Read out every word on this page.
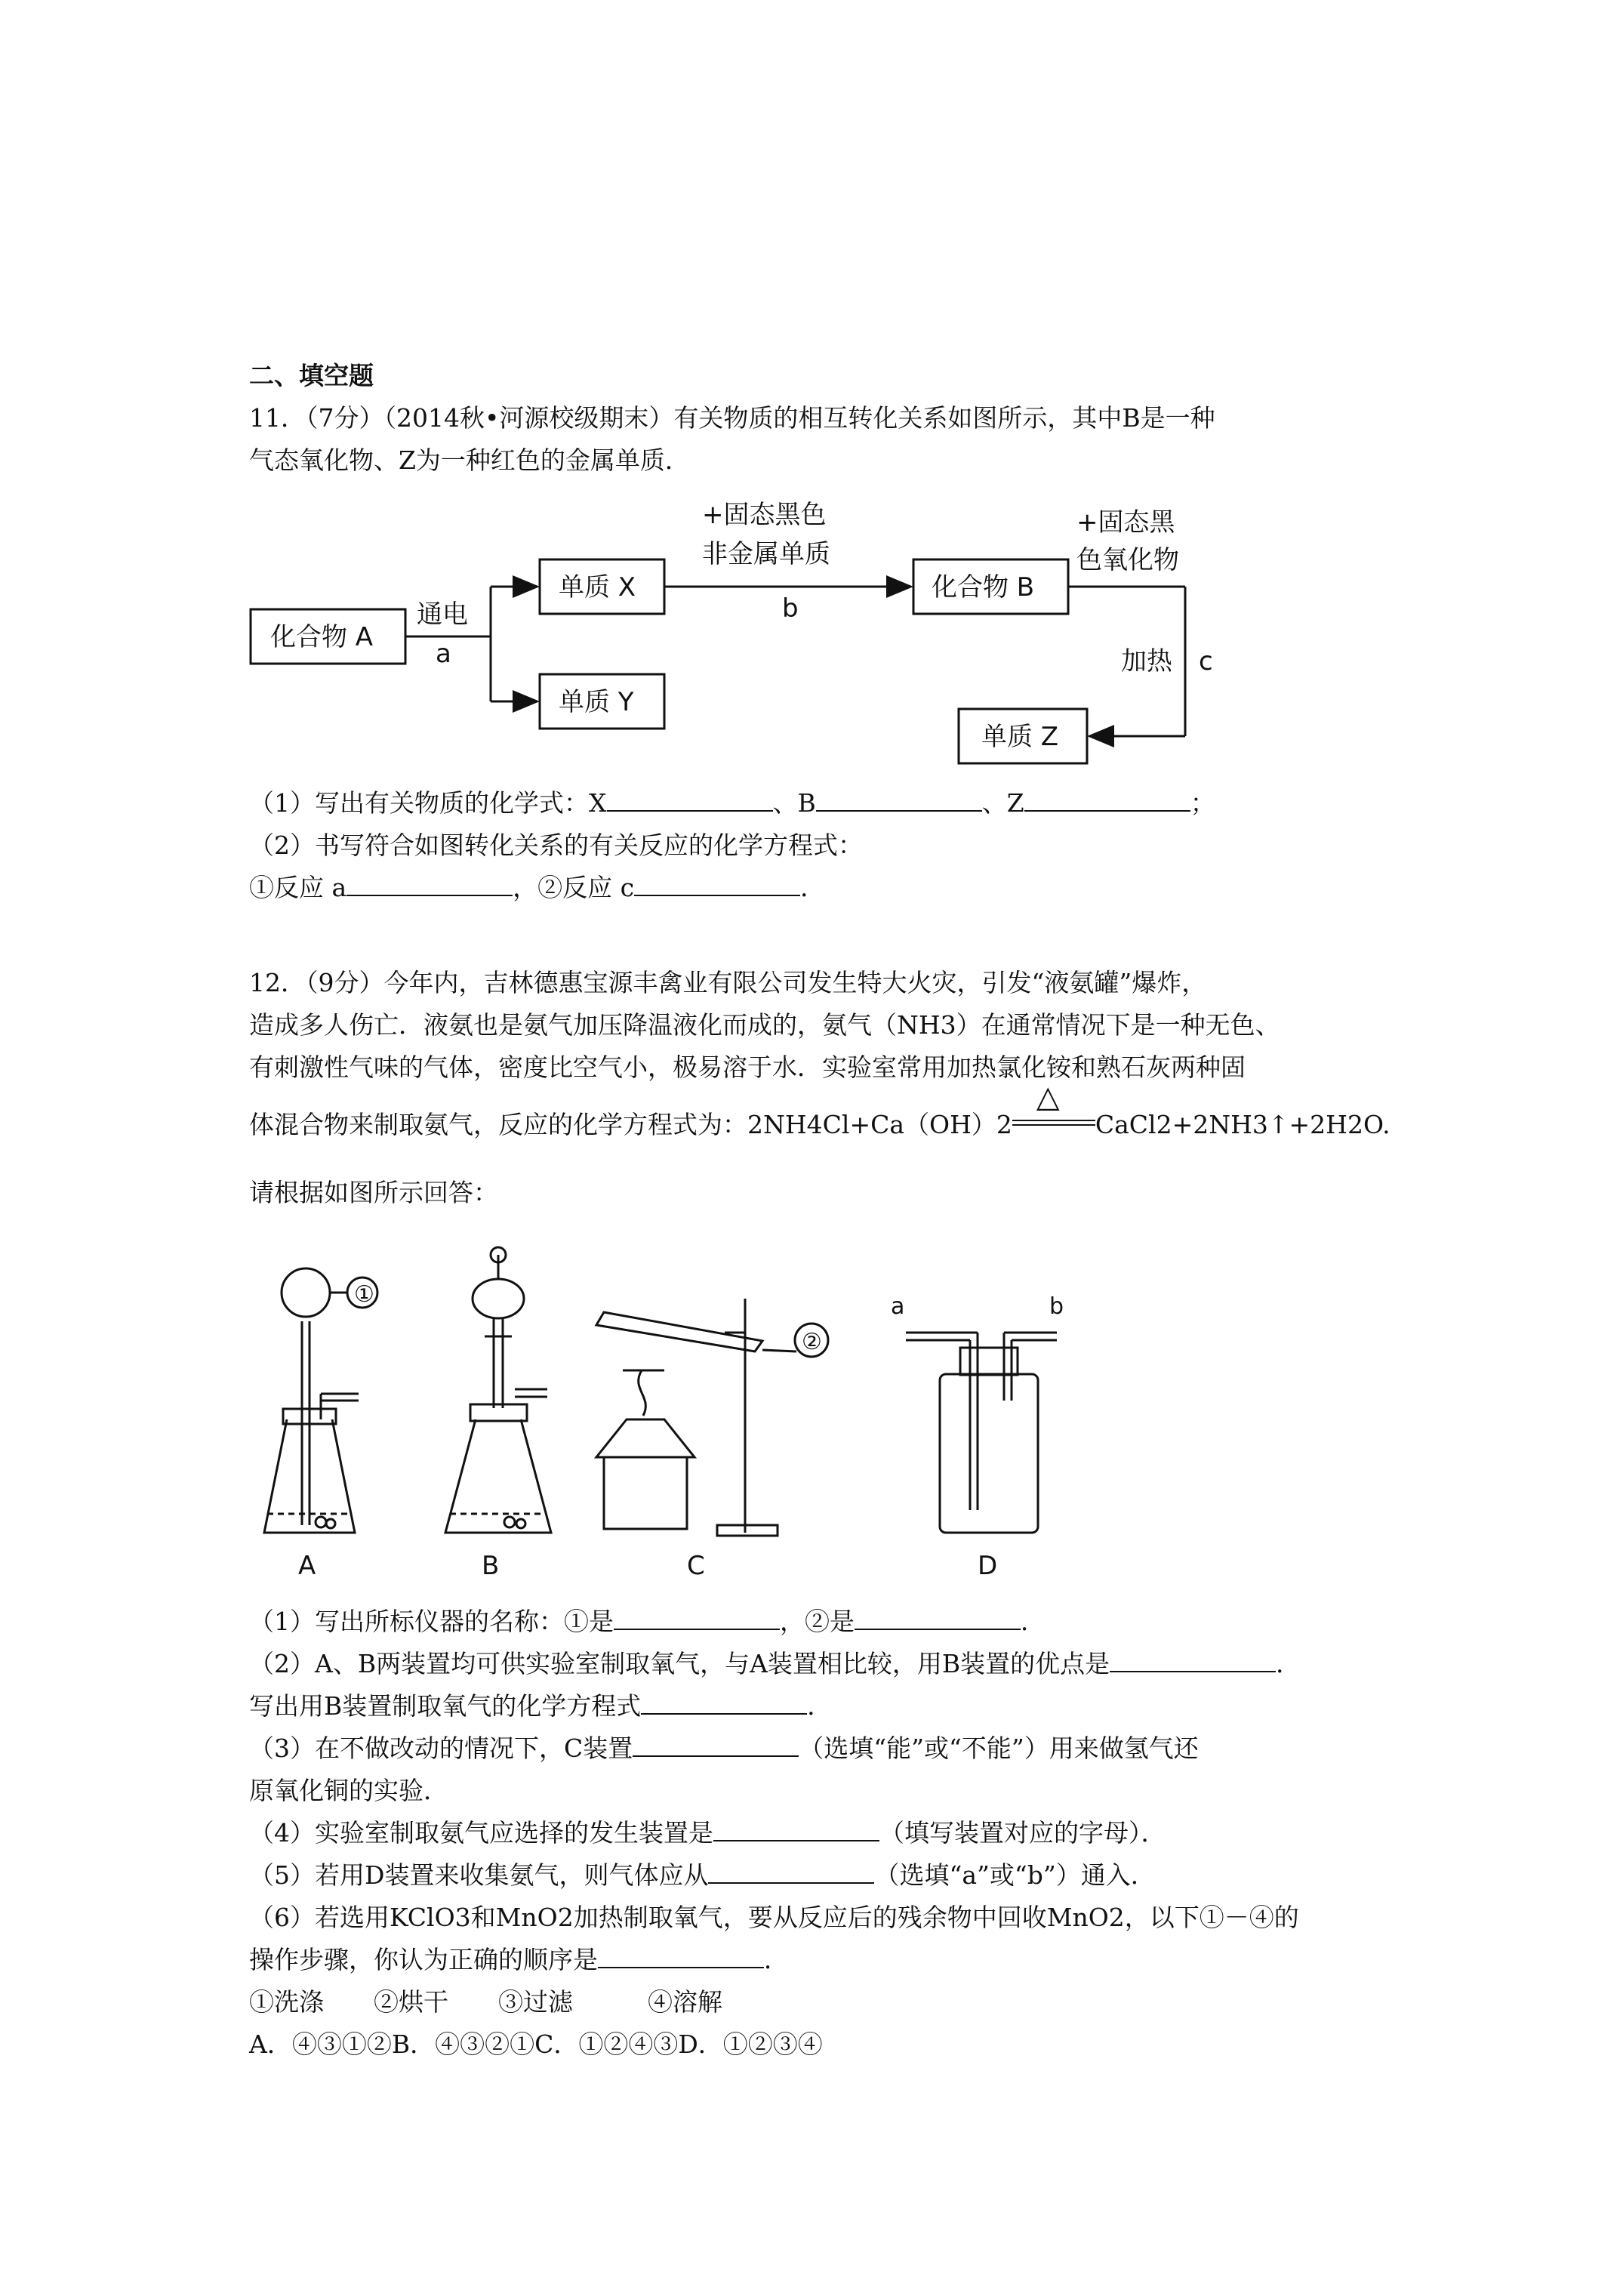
二、填空题
11．（7分）（2014秋•河源校级期末）有关物质的相互转化关系如图所示，其中B是一种
气态氧化物、Z为一种红色的金属单质．
化合物 A
通电
a
单质 X
单质 Y
+固态黑色
非金属单质
b
化合物 B
+固态黑
色氧化物
加热 c
单质 Z
（1）写出有关物质的化学式：X	、B	、Z	；
（2）书写符合如图转化关系的有关反应的化学方程式：
①反应 a	，②反应 c	．
12．（9分）今年内，吉林德惠宝源丰禽业有限公司发生特大火灾，引发“液氨罐”爆炸，
造成多人伤亡．液氨也是氨气加压降温液化而成的，氨气（NH3）在通常情况下是一种无色、
有刺激性气味的气体，密度比空气小，极易溶于水．实验室常用加热氯化铵和熟石灰两种固
体混合物来制取氨气，反应的化学方程式为：2NH4Cl+Ca（OH）2
△
CaCl2+2NH3↑+2H2O.
请根据如图所示回答：
①
②
a	b
A	B	C	D
（1）写出所标仪器的名称：①是	，②是	．
（2）A、B两装置均可供实验室制取氧气，与A装置相比较，用B装置的优点是	．
写出用B装置制取氧气的化学方程式	．
（3）在不做改动的情况下，C装置	（选填“能”或“不能”）用来做氢气还
原氧化铜的实验．
（4）实验室制取氨气应选择的发生装置是	（填写装置对应的字母）．
（5）若用D装置来收集氨气，则气体应从	（选填“a”或“b”）通入．
（6）若选用KClO3和MnO2加热制取氧气，要从反应后的残余物中回收MnO2，以下①－④的
操作步骤，你认为正确的顺序是	．
①洗涤　　②烘干　　③过滤　　　④溶解
A．④③①②B．④③②①C．①②④③D．①②③④
